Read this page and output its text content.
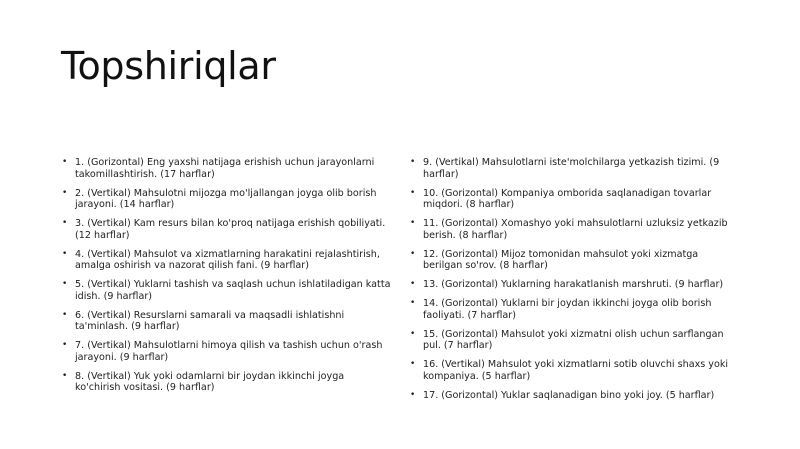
Topshiriqlar
• 1. (Gorizontal) Eng yaxshi natijaga erishish uchun jarayonlarni takomillashtirish. (17 harflar)
• 2. (Vertikal) Mahsulotni mijozga mo'ljallangan joyga olib borish jarayoni. (14 harflar)
• 3. (Vertikal) Kam resurs bilan ko'proq natijaga erishish qobiliyati. (12 harflar)
• 4. (Vertikal) Mahsulot va xizmatlarning harakatini rejalashtirish, amalga oshirish va nazorat qilish fani. (9 harflar)
• 5. (Vertikal) Yuklarni tashish va saqlash uchun ishlatiladigan katta idish. (9 harflar)
• 6. (Vertikal) Resurslarni samarali va maqsadli ishlatishni ta'minlash. (9 harflar)
• 7. (Vertikal) Mahsulotlarni himoya qilish va tashish uchun o'rash jarayoni. (9 harflar)
• 8. (Vertikal) Yuk yoki odamlarni bir joydan ikkinchi joyga ko'chirish vositasi. (9 harflar)
• 9. (Vertikal) Mahsulotlarni iste'molchilarga yetkazish tizimi. (9 harflar)
• 10. (Gorizontal) Kompaniya omborida saqlanadigan tovarlar miqdori. (8 harflar)
• 11. (Gorizontal) Xomashyo yoki mahsulotlarni uzluksiz yetkazib berish. (8 harflar)
• 12. (Gorizontal) Mijoz tomonidan mahsulot yoki xizmatga berilgan so'rov. (8 harflar)
• 13. (Gorizontal) Yuklarning harakatlanish marshruti. (9 harflar)
• 14. (Gorizontal) Yuklarni bir joydan ikkinchi joyga olib borish faoliyati. (7 harflar)
• 15. (Gorizontal) Mahsulot yoki xizmatni olish uchun sarflangan pul. (7 harflar)
• 16. (Vertikal) Mahsulot yoki xizmatlarni sotib oluvchi shaxs yoki kompaniya. (5 harflar)
• 17. (Gorizontal) Yuklar saqlanadigan bino yoki joy. (5 harflar)
